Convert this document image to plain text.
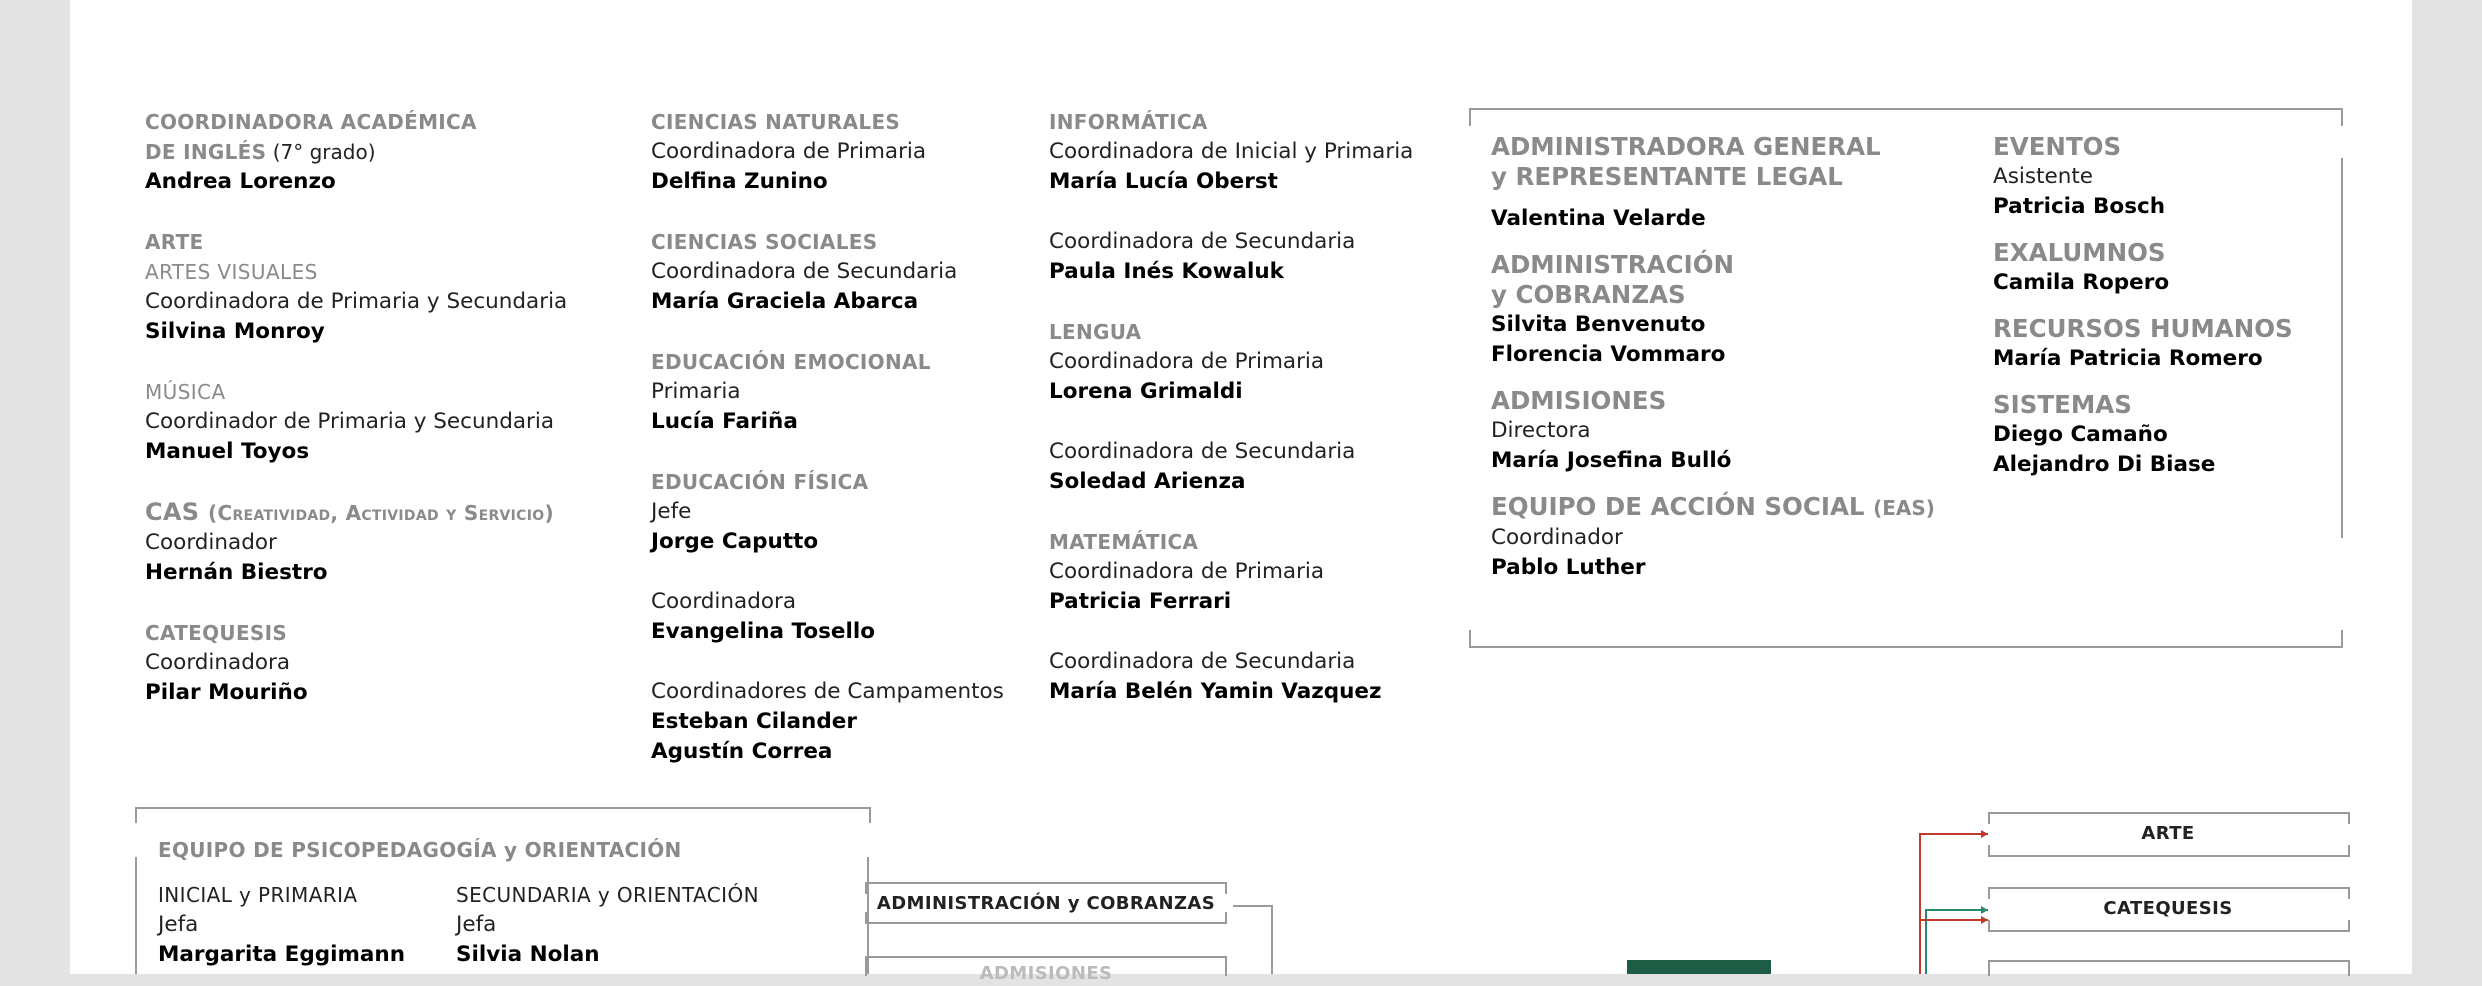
COORDINADORA ACADÉMICA
DE INGLÉS (7° grado)
Andrea Lorenzo
ARTE
ARTES VISUALES
Coordinadora de Primaria y Secundaria
Silvina Monroy
MÚSICA
Coordinador de Primaria y Secundaria
Manuel Toyos
CAS (Creatividad, Actividad y Servicio)
Coordinador
Hernán Biestro
CATEQUESIS
Coordinadora
Pilar Mouriño
CIENCIAS NATURALES
Coordinadora de Primaria
Delfina Zunino
CIENCIAS SOCIALES
Coordinadora de Secundaria
María Graciela Abarca
EDUCACIÓN EMOCIONAL
Primaria
Lucía Fariña
EDUCACIÓN FÍSICA
Jefe
Jorge Caputto
Coordinadora
Evangelina Tosello
Coordinadores de Campamentos
Esteban Cilander
Agustín Correa
INFORMÁTICA
Coordinadora de Inicial y Primaria
María Lucía Oberst
Coordinadora de Secundaria
Paula Inés Kowaluk
LENGUA
Coordinadora de Primaria
Lorena Grimaldi
Coordinadora de Secundaria
Soledad Arienza
MATEMÁTICA
Coordinadora de Primaria
Patricia Ferrari
Coordinadora de Secundaria
María Belén Yamin Vazquez
ADMINISTRADORA GENERAL
y REPRESENTANTE LEGAL
Valentina Velarde
ADMINISTRACIÓN
y COBRANZAS
Silvita Benvenuto
Florencia Vommaro
ADMISIONES
Directora
María Josefina Bulló
EQUIPO DE ACCIÓN SOCIAL (EAS)
Coordinador
Pablo Luther
EVENTOS
Asistente
Patricia Bosch
EXALUMNOS
Camila Ropero
RECURSOS HUMANOS
María Patricia Romero
SISTEMAS
Diego Camaño
Alejandro Di Biase
EQUIPO DE PSICOPEDAGOGÍA y ORIENTACIÓN
INICIAL y PRIMARIA
Jefa
Margarita Eggimann
SECUNDARIA y ORIENTACIÓN
Jefa
Silvia Nolan
ADMINISTRACIÓN y COBRANZAS
ADMISIONES
ARTE
CATEQUESIS
